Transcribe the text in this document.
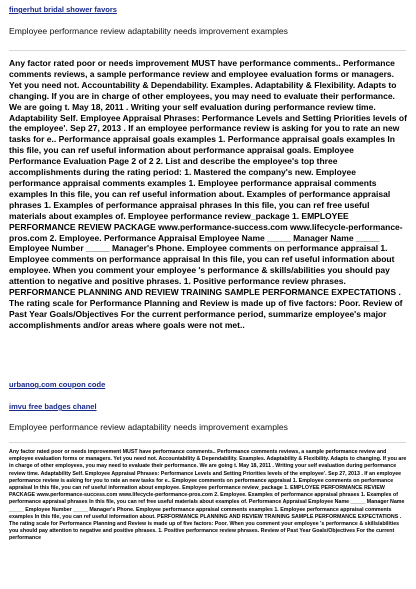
fingerhut bridal shower favors
Employee performance review adaptability needs improvement examples
Any factor rated poor or needs improvement MUST have performance comments.. Performance comments reviews, a sample performance review and employee evaluation forms or managers. Yet you need not. Accountability & Dependability. Examples. Adaptability & Flexibility. Adapts to changing. If you are in charge of other employees, you may need to evaluate their performance. We are going t. May 18, 2011 . Writing your self evaluation during performance review time. Adaptability Self. Employee Appraisal Phrases: Performance Levels and Setting Priorities levels of the employee'. Sep 27, 2013 . If an employee performance review is asking for you to rate an new tasks for e.. Performance appraisal goals examples 1. Performance appraisal goals examples In this file, you can ref useful information about performance appraisal goals. Employee Performance Evaluation Page 2 of 2 2. List and describe the employee's top three accomplishments during the rating period: 1. Mastered the company's new. Employee performance appraisal comments examples 1. Employee performance appraisal comments examples In this file, you can ref useful information about. Examples of performance appraisal phrases 1. Examples of performance appraisal phrases In this file, you can ref free useful materials about examples of. Employee performance review_package 1. EMPLOYEE PERFORMANCE REVIEW PACKAGE www.performance-success.com www.lifecycle-performance-pros.com 2. Employee. Performance Appraisal Employee Name _____ Manager Name _____ Employee Number _____ Manager's Phone. Employee comments on performance appraisal 1. Employee comments on performance appraisal In this file, you can ref useful information about employee. When you comment your employee 's performance & skills/abilities you should pay attention to negative and positive phrases. 1. Positive performance review phrases. PERFORMANCE PLANNING AND REVIEW TRAINING SAMPLE PERFORMANCE EXPECTATIONS . The rating scale for Performance Planning and Review is made up of five factors: Poor. Review of Past Year Goals/Objectives For the current performance period, summarize employee's major accomplishments and/or areas where goals were not met..
urbanog.com coupon code
imvu free badges chanel
Employee performance review adaptability needs improvement examples
Any factor rated poor or needs improvement MUST have performance comments.. Performance comments reviews, a sample performance review and employee evaluation forms or managers. Yet you need not. Accountability & Dependability. Examples. Adaptability & Flexibility. Adapts to changing. If you are in charge of other employees, you may need to evaluate their performance. We are going t. May 18, 2011 . Writing your self evaluation during performance review time. Adaptability Self. Employee Appraisal Phrases: Performance Levels and Setting Priorities levels of the employee'. Sep 27, 2013 . If an employee performance review is asking for you to rate an new tasks for e.. Employee comments on performance appraisal 1. Employee comments on performance appraisal In this file, you can ref useful information about employee. Employee performance review_package 1. EMPLOYEE PERFORMANCE REVIEW PACKAGE www.performance-success.com www.lifecycle-performance-pros.com 2. Employee. Examples of performance appraisal phrases 1. Examples of performance appraisal phrases In this file, you can ref free useful materials about examples of. Performance Appraisal Employee Name _____ Manager Name _____ Employee Number _____ Manager's Phone. Employee performance appraisal comments examples 1. Employee performance appraisal comments examples In this file, you can ref useful information about. PERFORMANCE PLANNING AND REVIEW TRAINING SAMPLE PERFORMANCE EXPECTATIONS . The rating scale for Performance Planning and Review is made up of five factors: Poor. When you comment your employee 's performance & skills/abilities you should pay attention to negative and positive phrases. 1. Positive performance review phrases. Review of Past Year Goals/Objectives For the current performance
